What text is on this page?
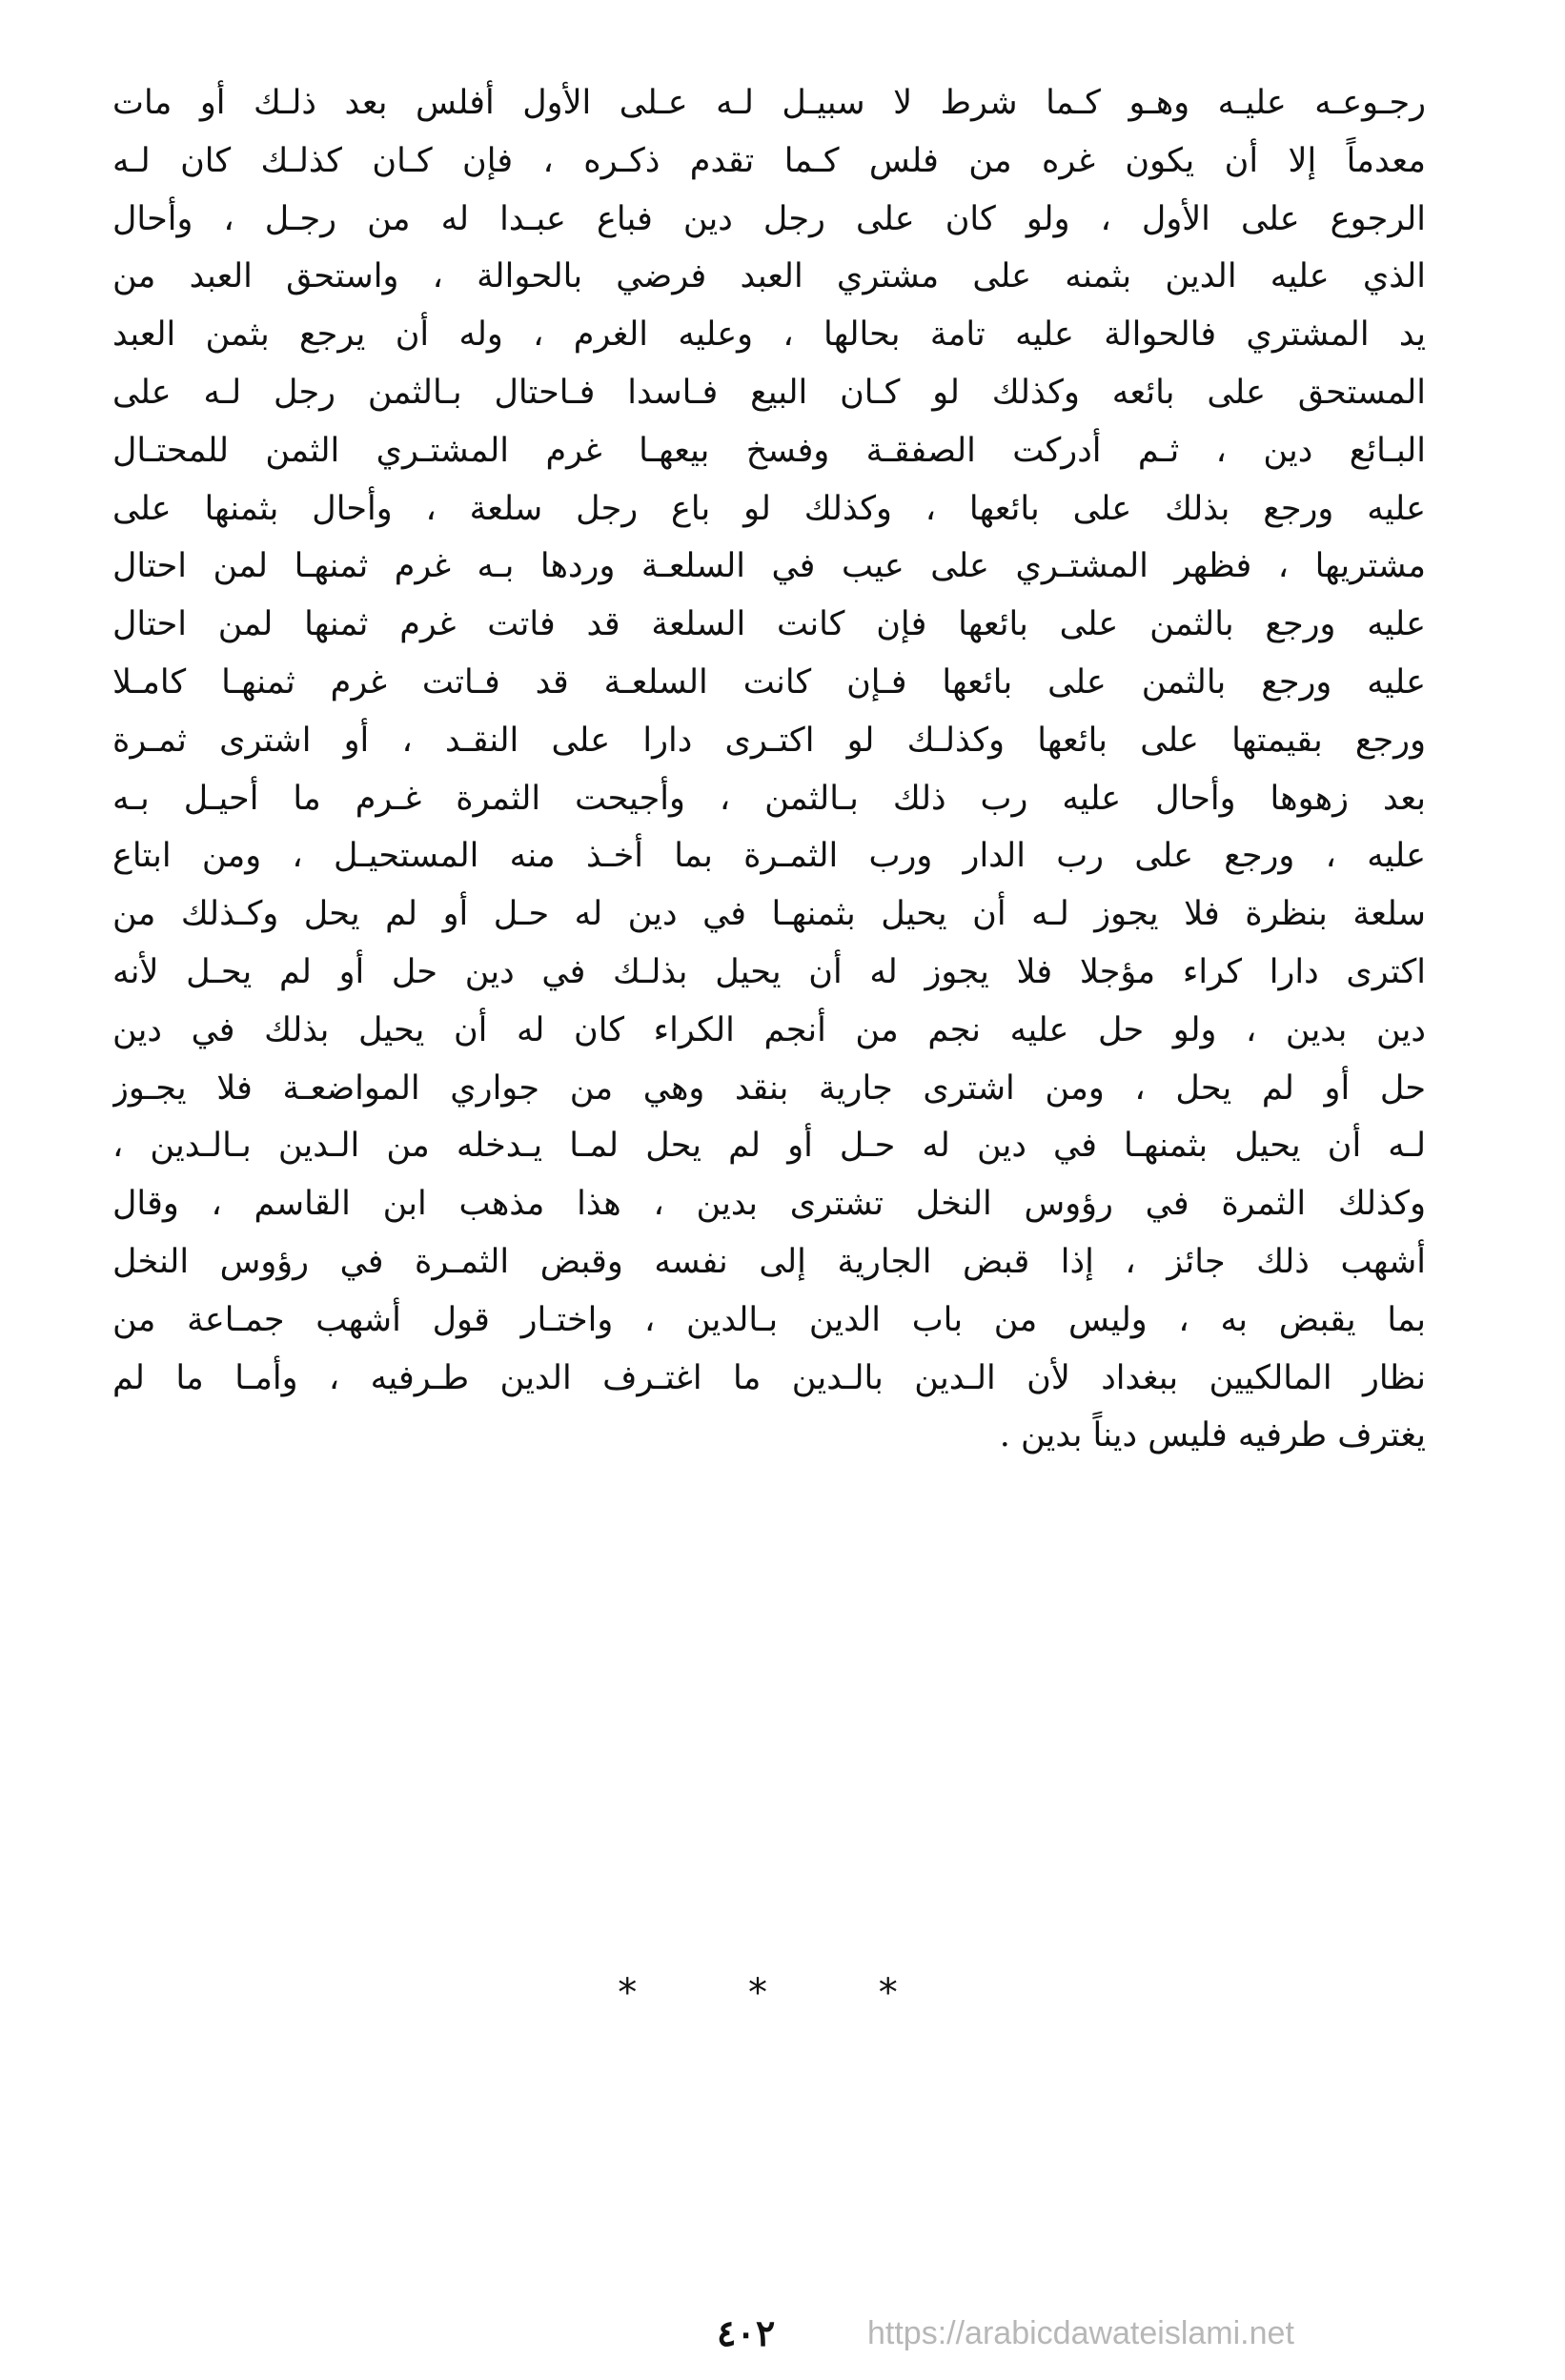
رجـوعـه عليـه وهـو كـما شرط لا سبيـل لـه عـلى الأول أفلس بعد ذلـك أو مات
معدماً إلا أن يكون غره من فلس كـما تقدم ذكـره ، فإن كـان كذلـك كان لـه
الرجوع على الأول ، ولو كان على رجل دين فباع عبـدا له من رجـل ، وأحال
الذي عليه الدين بثمنه على مشتري العبد فرضي بالحوالة ، واستحق العبد من
يد المشتري فالحوالة عليه تامة بحالها ، وعليه الغرم ، وله أن يرجع بثمن العبد
المستحق على بائعه وكذلك لو كـان البيع فـاسدا فـاحتال بـالثمن رجل لـه على
البـائع دين ، ثـم أدركت الصفقـة وفسخ بيعهـا غرم المشتـري الثمن للمحتـال
عليه ورجع بذلك على بائعها ، وكذلك لو باع رجل سلعة ، وأحال بثمنها على
مشتريها ، فظهر المشتـري على عيب في السلعـة وردها بـه غرم ثمنهـا لمن احتال
عليه ورجع بالثمن على بائعها فإن كانت السلعة قد فاتت غرم ثمنها لمن احتال
عليه ورجع بالثمن على بائعها فـإن كانت السلعـة قد فـاتت غرم ثمنهـا كامـلا
ورجع بقيمتها على بائعها وكذلـك لو اكتـرى دارا على النقـد ، أو اشترى ثمـرة
بعد زهوها وأحال عليه رب ذلك بـالثمن ، وأجيحت الثمرة غـرم ما أحيـل بـه
عليه ، ورجع على رب الدار ورب الثمـرة بما أخـذ منه المستحيـل ، ومن ابتاع
سلعة بنظرة فلا يجوز لـه أن يحيل بثمنهـا في دين له حـل أو لم يحل وكـذلك من
اكترى دارا كراء مؤجلا فلا يجوز له أن يحيل بذلـك في دين حل أو لم يحـل لأنه
دين بدين ، ولو حل عليه نجم من أنجم الكراء كان له أن يحيل بذلك في دين
حل أو لم يحل ، ومن اشترى جارية بنقد وهي من جواري المواضعـة فلا يجـوز
لـه أن يحيل بثمنهـا في دين له حـل أو لم يحل لمـا يـدخله من الـدين بـالـدين ،
وكذلك الثمرة في رؤوس النخل تشترى بدين ، هذا مذهب ابن القاسم ، وقال
أشهب ذلك جائز ، إذا قبض الجارية إلى نفسه وقبض الثمـرة في رؤوس النخل
بما يقبض به ، وليس من باب الدين بـالدين ، واختـار قول أشهب جمـاعة من
نظار المالكيين ببغداد لأن الـدين بالـدين ما اغتـرف الدين طـرفيه ، وأمـا ما لم
يغترف طرفيه فليس ديناً بدين .
* * *
٤٠٢	https://arabicdawateislami.net
